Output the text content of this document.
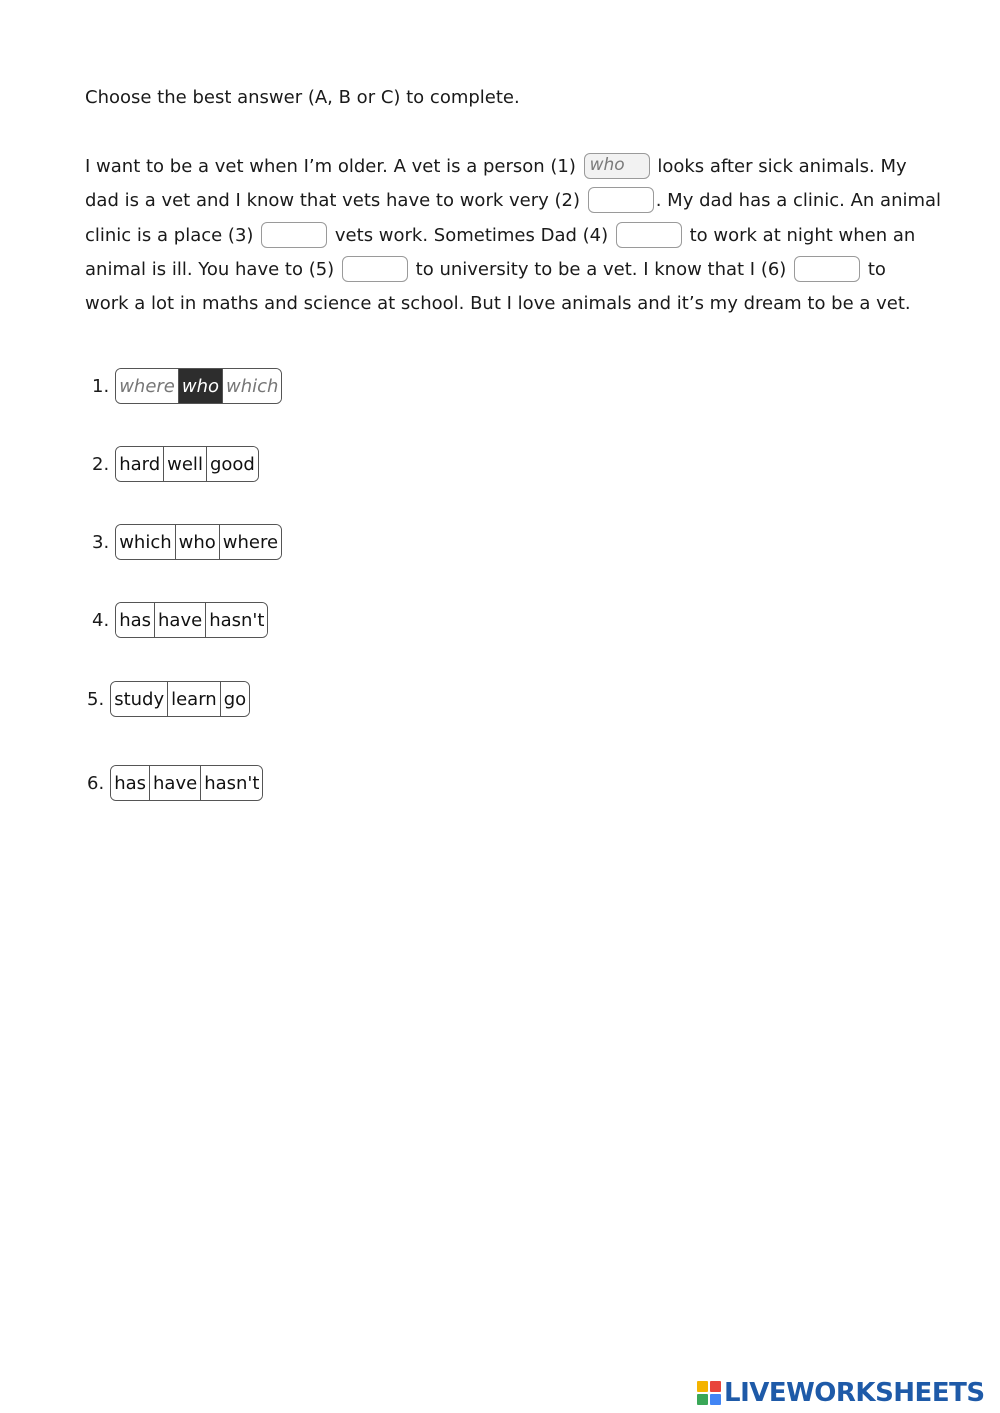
Choose the best answer (A, B or C) to complete.
I want to be a vet when I’m older. A vet is a person (1) who looks after sick animals. My
dad is a vet and I know that vets have to work very (2)	. My dad has a clinic. An animal
clinic is a place (3)	vets work. Sometimes Dad (4)	to work at night when an
animal is ill. You have to (5)	to university to be a vet. I know that I (6)	to
work a lot in maths and science at school. But I love animals and it’s my dream to be a vet.
1. where who which
2. hard well good
3. which who where
4. has have hasn't
5. study learn go
6. has have hasn't
LIVEWORKSHEETS
